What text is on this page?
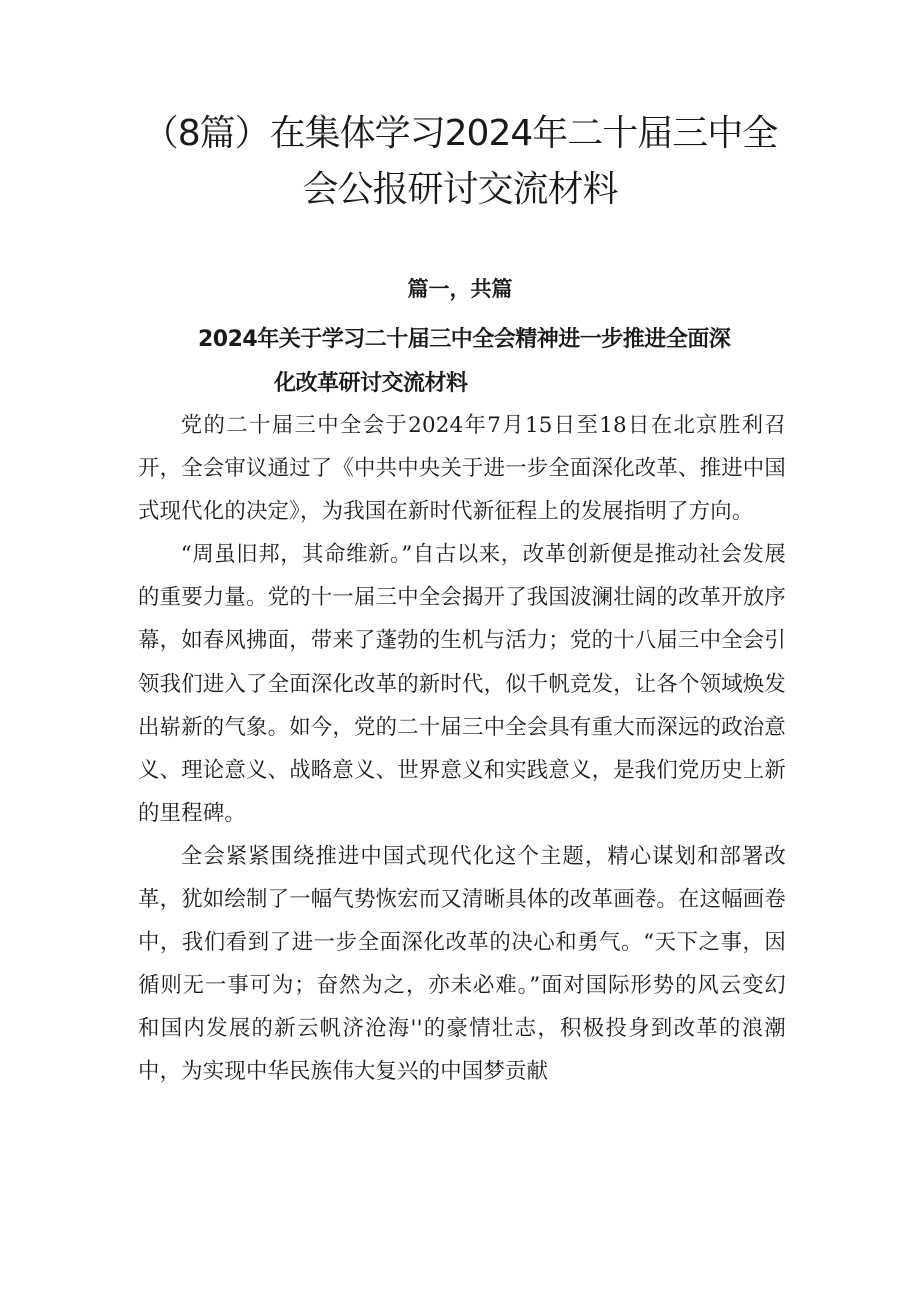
（8篇）在集体学习2024年二十届三中全
会公报研讨交流材料
篇一，共篇
2024年关于学习二十届三中全会精神进一步推进全面深
化改革研讨交流材料

党的二十届三中全会于2024年7月15日至18日在北京胜利召开，全会审议通过了《中共中央关于进一步全面深化改革、推进中国式现代化的决定》，为我国在新时代新征程上的发展指明了方向。

“周虽旧邦，其命维新。”自古以来，改革创新便是推动社会发展的重要力量。党的十一届三中全会揭开了我国波澜壮阔的改革开放序幕，如春风拂面，带来了蓬勃的生机与活力；党的十八届三中全会引领我们进入了全面深化改革的新时代，似千帆竞发，让各个领域焕发出崭新的气象。如今，党的二十届三中全会具有重大而深远的政治意义、理论意义、战略意义、世界意义和实践意义，是我们党历史上新的里程碑。

全会紧紧围绕推进中国式现代化这个主题，精心谋划和部署改革，犹如绘制了一幅气势恢宏而又清晰具体的改革画卷。在这幅画卷中，我们看到了进一步全面深化改革的决心和勇气。“天下之事，因循则无一事可为；奋然为之，亦未必难。”面对国际形势的风云变幻和国内发展的新云帆济沧海''的豪情壮志，积极投身到改革的浪潮中，为实现中华民族伟大复兴的中国梦贡献
